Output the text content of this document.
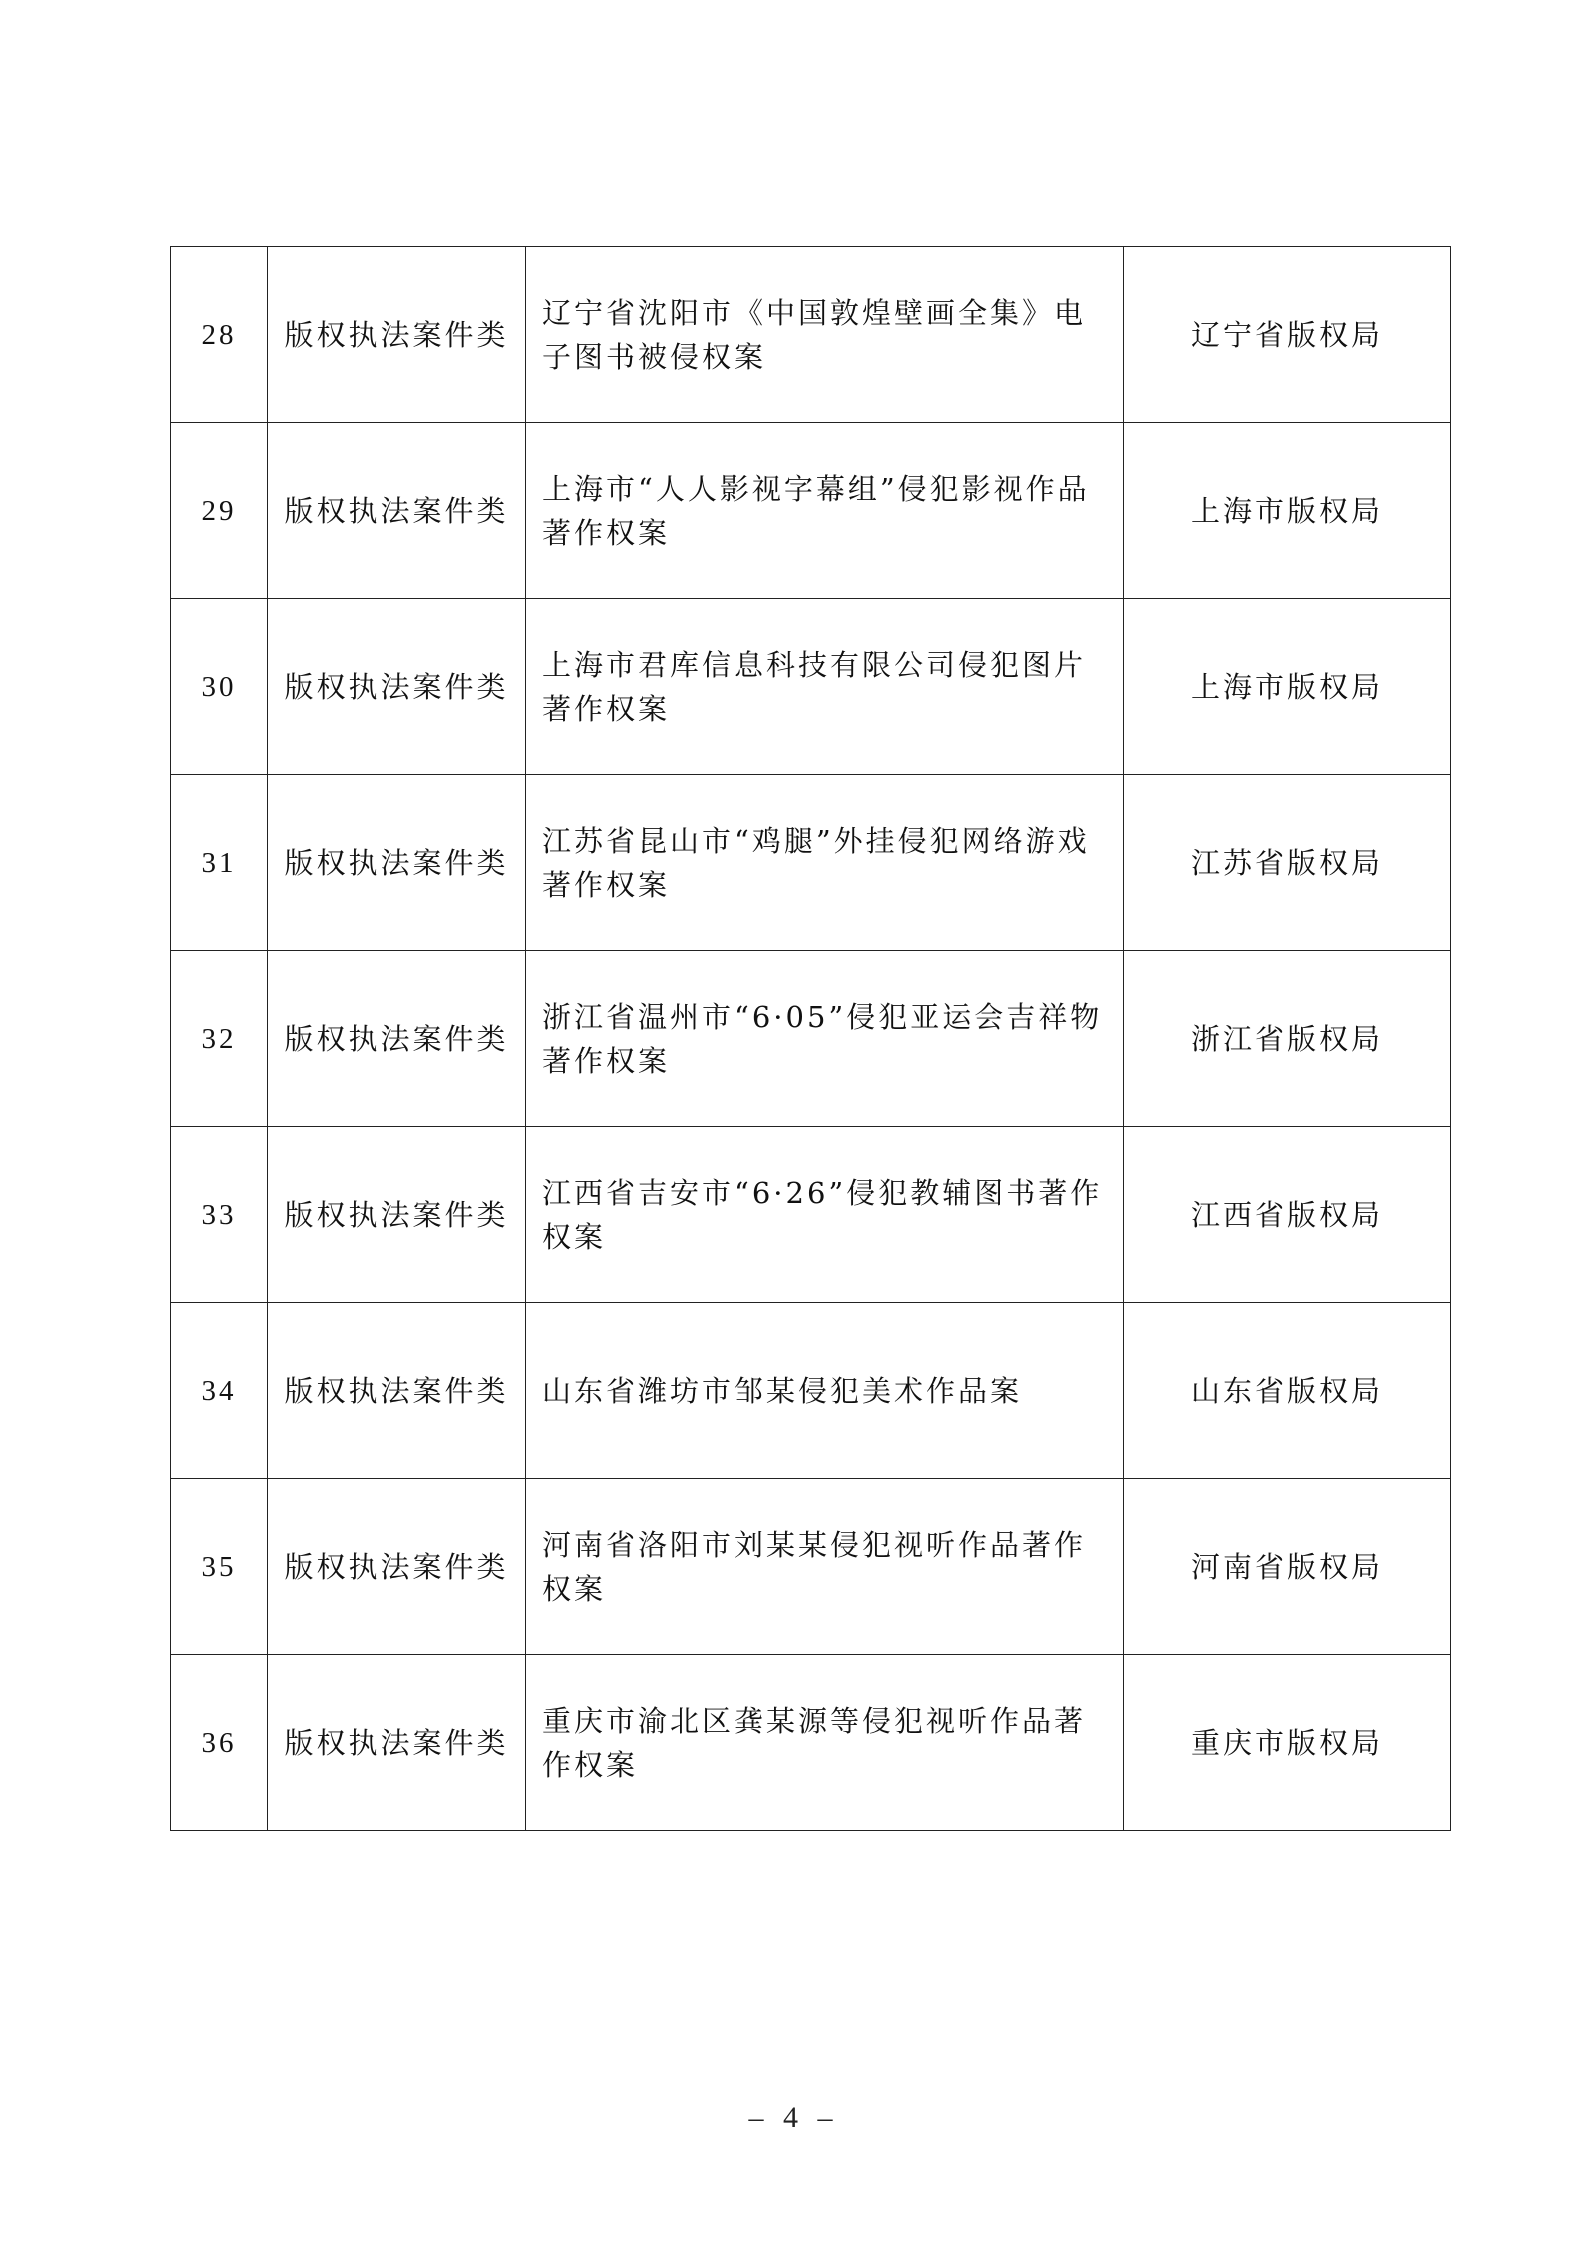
28	版权执法案件类	辽宁省沈阳市《中国敦煌壁画全集》电子图书被侵权案	辽宁省版权局
29	版权执法案件类	上海市“人人影视字幕组”侵犯影视作品著作权案	上海市版权局
30	版权执法案件类	上海市君库信息科技有限公司侵犯图片著作权案	上海市版权局
31	版权执法案件类	江苏省昆山市“鸡腿”外挂侵犯网络游戏著作权案	江苏省版权局
32	版权执法案件类	浙江省温州市“6·05”侵犯亚运会吉祥物著作权案	浙江省版权局
33	版权执法案件类	江西省吉安市“6·26”侵犯教辅图书著作权案	江西省版权局
34	版权执法案件类	山东省潍坊市邹某侵犯美术作品案	山东省版权局
35	版权执法案件类	河南省洛阳市刘某某侵犯视听作品著作权案	河南省版权局
36	版权执法案件类	重庆市渝北区龚某源等侵犯视听作品著作权案	重庆市版权局
– 4 –
